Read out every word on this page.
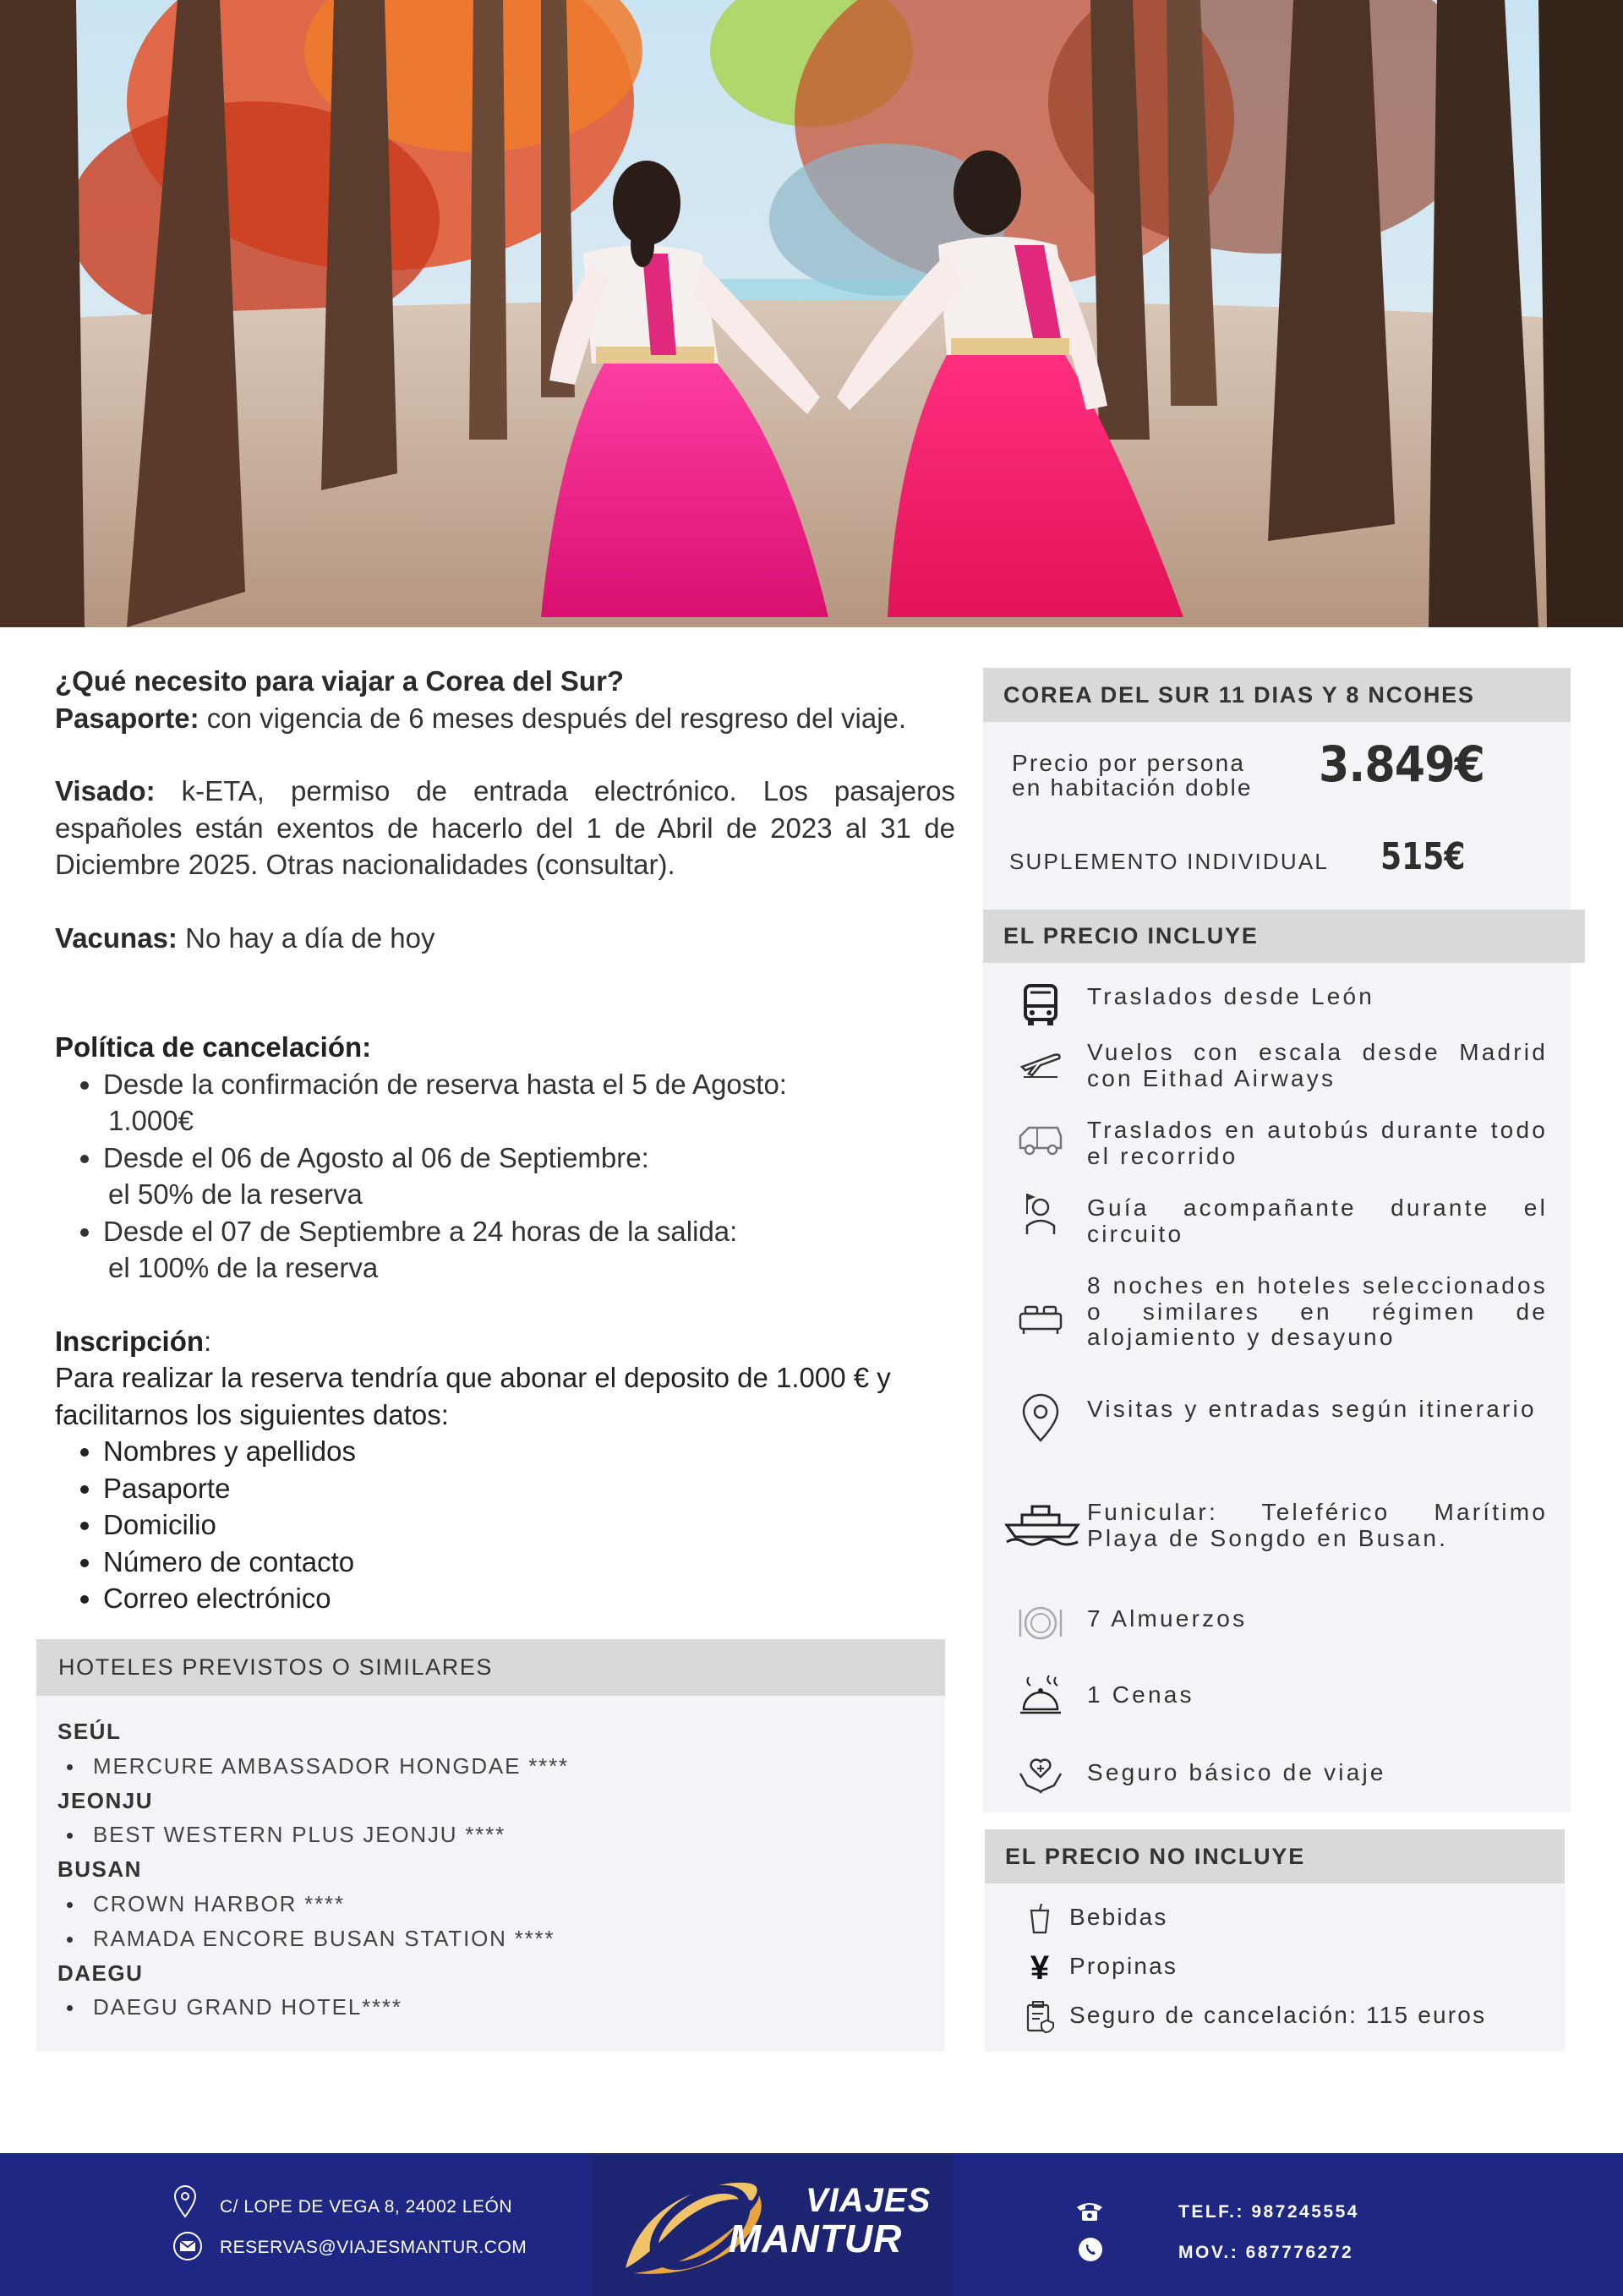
¿Qué necesito para viajar a Corea del Sur?

Pasaporte: con vigencia de 6 meses después del resgreso del viaje.

Visado: k-ETA, permiso de entrada electrónico. Los pasajeros españoles están exentos de hacerlo del 1 de Abril de 2023 al 31 de Diciembre 2025. Otras nacionalidades (consultar).

Vacunas: No hay a día de hoy

Política de cancelación:

• Desde la confirmación de reserva hasta el 5 de Agosto:
1.000€
• Desde el 06 de Agosto al 06 de Septiembre:
el 50% de la reserva
• Desde el 07 de Septiembre a 24 horas de la salida:
el 100% de la reserva

Inscripción:

Para realizar la reserva tendría que abonar el deposito de 1.000 € y facilitarnos los siguientes datos:

• Nombres y apellidos
• Pasaporte
• Domicilio
• Número de contacto
• Correo electrónico
HOTELES PREVISTOS O SIMILARES
SEÚL
MERCURE AMBASSADOR HONGDAE ****
JEONJU
BEST WESTERN PLUS JEONJU ****
BUSAN
CROWN HARBOR ****
RAMADA ENCORE BUSAN STATION ****
DAEGU
DAEGU GRAND HOTEL****
COREA DEL SUR 11 DIAS Y 8 NCOHES
Precio por persona
en habitación doble 3.849€
SUPLEMENTO INDIVIDUAL 515€
EL PRECIO INCLUYE
Traslados desde León
Vuelos con escala desde Madrid con Eithad Airways
Traslados en autobús durante todo el recorrido
Guía acompañante durante el circuito
8 noches en hoteles seleccionados o similares en régimen de alojamiento y desayuno
Visitas y entradas según itinerario
Funicular: Teleférico Marítimo Playa de Songdo en Busan.
7 Almuerzos
1 Cenas
Seguro básico de viaje
EL PRECIO NO INCLUYE
Bebidas
¥ Propinas
Seguro de cancelación: 115 euros
C/ LOPE DE VEGA 8, 24002 LEÓN
RESERVAS@VIAJESMANTUR.COM
VIAJES
MANTUR
TELF.: 987245554
MOV.: 687776272
